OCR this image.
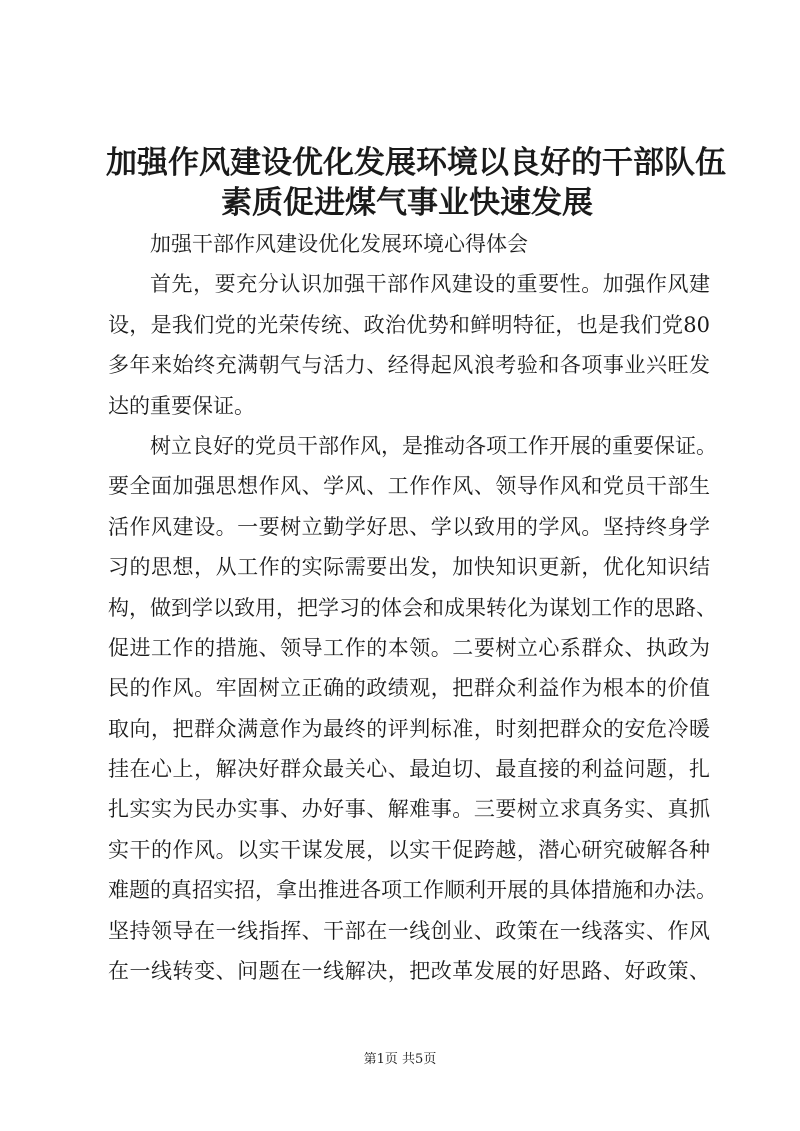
加强作风建设优化发展环境以良好的干部队伍
素质促进煤气事业快速发展
加强干部作风建设优化发展环境心得体会
首先，要充分认识加强干部作风建设的重要性。加强作风建
设，是我们党的光荣传统、政治优势和鲜明特征，也是我们党80
多年来始终充满朝气与活力、经得起风浪考验和各项事业兴旺发
达的重要保证。
树立良好的党员干部作风，是推动各项工作开展的重要保证。
要全面加强思想作风、学风、工作作风、领导作风和党员干部生
活作风建设。一要树立勤学好思、学以致用的学风。坚持终身学
习的思想，从工作的实际需要出发，加快知识更新，优化知识结
构，做到学以致用，把学习的体会和成果转化为谋划工作的思路、
促进工作的措施、领导工作的本领。二要树立心系群众、执政为
民的作风。牢固树立正确的政绩观，把群众利益作为根本的价值
取向，把群众满意作为最终的评判标准，时刻把群众的安危冷暖
挂在心上，解决好群众最关心、最迫切、最直接的利益问题，扎
扎实实为民办实事、办好事、解难事。三要树立求真务实、真抓
实干的作风。以实干谋发展，以实干促跨越，潜心研究破解各种
难题的真招实招，拿出推进各项工作顺利开展的具体措施和办法。
坚持领导在一线指挥、干部在一线创业、政策在一线落实、作风
在一线转变、问题在一线解决，把改革发展的好思路、好政策、
第1页 共5页
